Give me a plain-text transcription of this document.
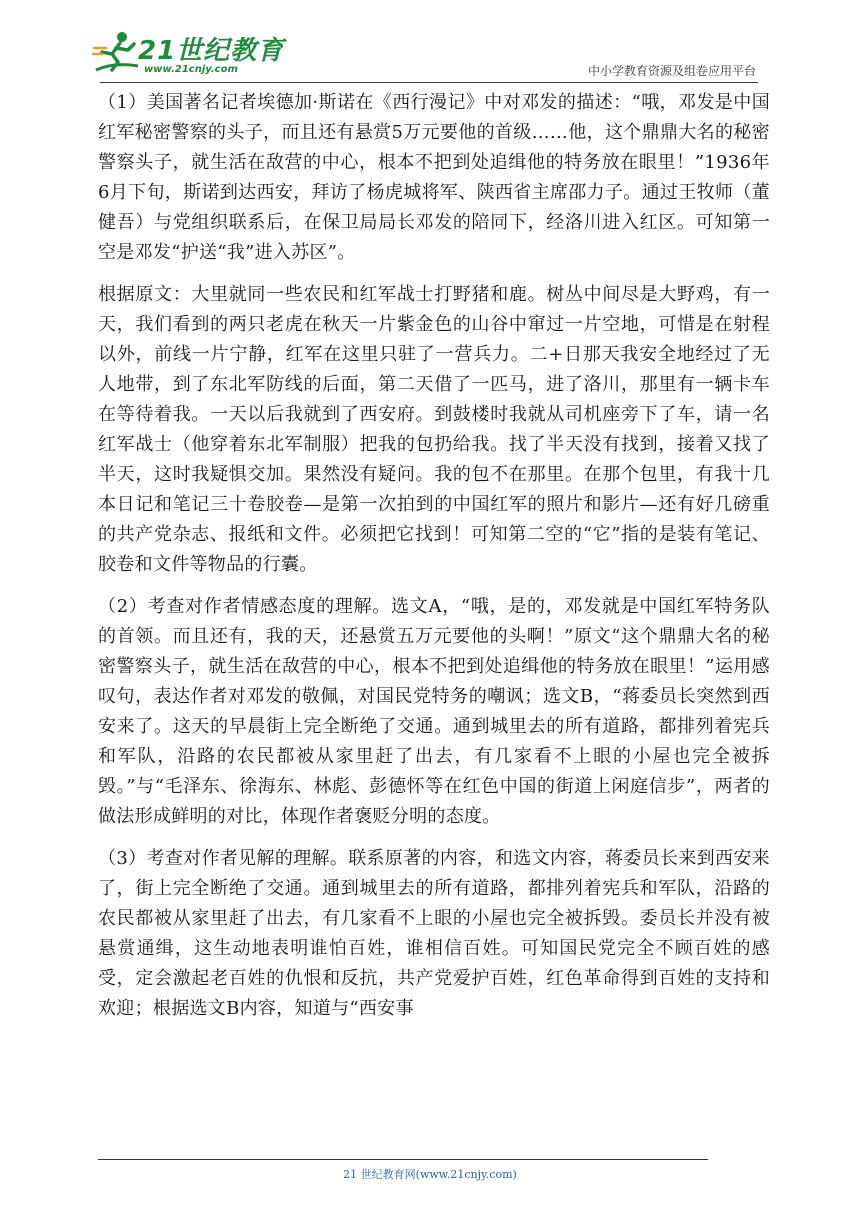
21世纪教育
www.21cnjy.com	中小学教育资源及组卷应用平台

（1）美国著名记者埃德加·斯诺在《西行漫记》中对邓发的描述：“哦，邓发是中国红军秘密警察的头子，而且还有悬赏5万元要他的首级……他，这个鼎鼎大名的秘密警察头子，就生活在敌营的中心，根本不把到处追缉他的特务放在眼里！”1936年6月下旬，斯诺到达西安，拜访了杨虎城将军、陕西省主席邵力子。通过王牧师（董健吾）与党组织联系后，在保卫局局长邓发的陪同下，经洛川进入红区。可知第一空是邓发“护送“我”进入苏区”。

根据原文：大里就同一些农民和红军战士打野猪和鹿。树丛中间尽是大野鸡，有一天，我们看到的两只老虎在秋天一片紫金色的山谷中窜过一片空地，可惜是在射程以外，前线一片宁静，红军在这里只驻了一营兵力。二+日那天我安全地经过了无人地带，到了东北军防线的后面，第二天借了一匹马，进了洛川，那里有一辆卡车在等待着我。一天以后我就到了西安府。到鼓楼时我就从司机座旁下了车，请一名红军战士（他穿着东北军制服）把我的包扔给我。找了半天没有找到，接着又找了半天，这时我疑惧交加。果然没有疑问。我的包不在那里。在那个包里，有我十几本日记和笔记三十卷胶卷—是第一次拍到的中国红军的照片和影片—还有好几磅重的共产党杂志、报纸和文件。必须把它找到！可知第二空的“它”指的是装有笔记、胶卷和文件等物品的行囊。

（2）考查对作者情感态度的理解。选文A，“哦，是的，邓发就是中国红军特务队的首领。而且还有，我的天，还悬赏五万元要他的头啊！”原文“这个鼎鼎大名的秘密警察头子，就生活在敌营的中心，根本不把到处追缉他的特务放在眼里！”运用感叹句，表达作者对邓发的敬佩，对国民党特务的嘲讽；选文B，“蒋委员长突然到西安来了。这天的早晨街上完全断绝了交通。通到城里去的所有道路，都排列着宪兵和军队，沿路的农民都被从家里赶了出去，有几家看不上眼的小屋也完全被拆毁。”与“毛泽东、徐海东、林彪、彭德怀等在红色中国的街道上闲庭信步”，两者的做法形成鲜明的对比，体现作者褒贬分明的态度。

（3）考查对作者见解的理解。联系原著的内容，和选文内容，蒋委员长来到西安来了，街上完全断绝了交通。通到城里去的所有道路，都排列着宪兵和军队，沿路的农民都被从家里赶了出去，有几家看不上眼的小屋也完全被拆毁。委员长并没有被悬赏通缉，这生动地表明谁怕百姓，谁相信百姓。可知国民党完全不顾百姓的感受，定会激起老百姓的仇恨和反抗，共产党爱护百姓，红色革命得到百姓的支持和欢迎；根据选文B内容，知道与“西安事

21 世纪教育网(www.21cnjy.com)
